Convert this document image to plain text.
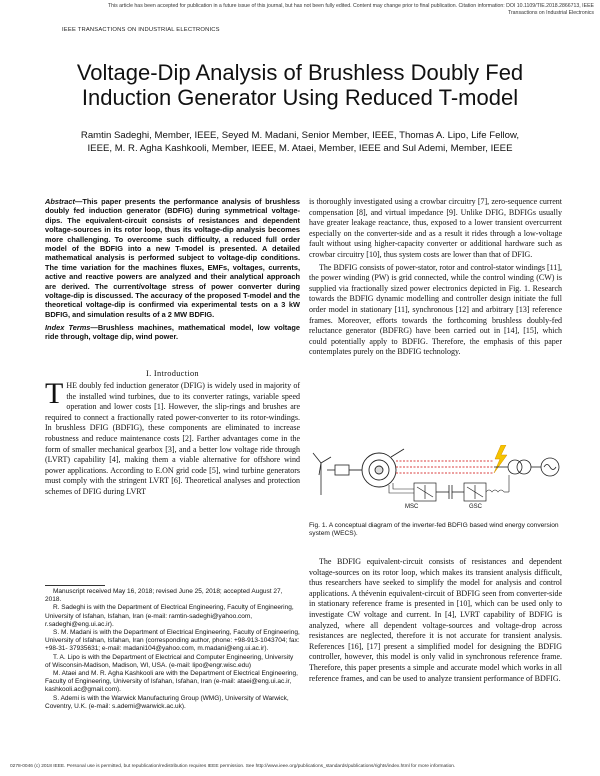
This article has been accepted for publication in a future issue of this journal, but has not been fully edited. Content may change prior to final publication. Citation information: DOI 10.1109/TIE.2018.2866713, IEEE
Transactions on Industrial Electronics
IEEE TRANSACTIONS ON INDUSTRIAL ELECTRONICS
Voltage-Dip Analysis of Brushless Doubly Fed
Induction Generator Using Reduced T-model
Ramtin Sadeghi, Member, IEEE, Seyed M. Madani, Senior Member, IEEE, Thomas A. Lipo, Life Fellow,
IEEE, M. R. Agha Kashkooli, Member, IEEE, M. Ataei, Member, IEEE and Sul Ademi, Member, IEEE
Abstract—This paper presents the performance analysis of brushless doubly fed induction generator (BDFIG) during symmetrical voltage-dips. The equivalent-circuit consists of resistances and dependent voltage-sources in its rotor loop, thus its voltage-dip analysis becomes more challenging. To overcome such difficulty, a reduced full order model of the BDFIG into a new T-model is presented. A detailed mathematical analysis is performed subject to voltage-dip conditions. The time variation for the machines fluxes, EMFs, voltages, currents, active and reactive powers are analyzed and their analytical approach are derived. The current/voltage stress of power converter during voltage-dip is discussed. The accuracy of the proposed T-model and the theoretical voltage-dip is confirmed via experimental tests on a 3 kW BDFIG, and simulation results of a 2 MW BDFIG.
Index Terms—Brushless machines, mathematical model, low voltage ride through, voltage dip, wind power.
I. Introduction
THE doubly fed induction generator (DFIG) is widely used in majority of the installed wind turbines, due to its converter ratings, variable speed operation and lower costs [1]. However, the slip-rings and brushes are required to connect a fractionally rated power-converter to its rotor-windings. In brushless DFIG (BDFIG), these components are eliminated to increase robustness and reduce maintenance costs [2]. Farther advantages come in the form of smaller mechanical gearbox [3], and a better low voltage ride through (LVRT) capability [4], making them a viable alternative for offshore wind power applications. According to E.ON grid code [5], wind turbine generators must comply with the stringent LVRT [6]. Theoretical analyses and protection schemes of DFIG during LVRT

Manuscript received May 16, 2018; revised June 25, 2018; accepted August 27, 2018.

R. Sadeghi is with the Department of Electrical Engineering, Faculty of Engineering, University of Isfahan, Isfahan, Iran (e-mail: ramtin-sadeghi@yahoo.com, r.sadeghi@eng.ui.ac.ir).

S. M. Madani is with the Department of Electrical Engineering, Faculty of Engineering, University of Isfahan, Isfahan, Iran (corresponding author, phone: +98-913-1043704; fax: +98-31- 37935631; e-mail: madani104@yahoo.com, m.madani@eng.ui.ac.ir).

T. A. Lipo is with the Department of Electrical and Computer Engineering, University of Wisconsin-Madison, Madison, WI, USA. (e-mail: lipo@engr.wisc.edu)

M. Ataei and M. R. Agha Kashkooli are with the Department of Electrical Engineering, Faculty of Engineering, University of Isfahan, Isfahan, Iran (e-mail: ataei@eng.ui.ac.ir, kashkooli.ac@gmail.com).

S. Ademi is with the Warwick Manufacturing Group (WMG), University of Warwick, Coventry, U.K. (e-mail: s.ademi@warwick.ac.uk).

is thoroughly investigated using a crowbar circuitry [7], zero-sequence current compensation [8], and virtual impedance [9]. Unlike DFIG, BDFIGs usually have greater leakage reactance, thus, exposed to a lower transient overcurrent especially on the converter-side and as a result it rides through a low-voltage fault without using higher-capacity converter or additional hardware such as crowbar circuitry [10], thus system costs are lower than that of DFIG.

The BDFIG consists of power-stator, rotor and control-stator windings [11], the power winding (PW) is grid connected, while the control winding (CW) is supplied via fractionally sized power electronics depicted in Fig. 1. Research towards the BDFIG dynamic modelling and controller design initiate the full order model in stationary [11], synchronous [12] and arbitrary [13] reference frames. Moreover, efforts towards the forthcoming brushless doubly-fed reluctance generator (BDFRG) have been carried out in [14], [15], which could potentially apply to BDFIG. Therefore, the emphasis of this paper contemplates purely on the BDFIG technology.

MSC	GSC
Fig. 1. A conceptual diagram of the inverter-fed BDFIG based wind energy conversion system (WECS).
The BDFIG equivalent-circuit consists of resistances and dependent voltage-sources on its rotor loop, which makes its transient analysis difficult, thus researchers have seeked to simplify the model for analysis and control applications. A thévenin equivalent-circuit of BDFIG seen from converter-side in stationary reference frame is presented in [10], which can be used only to investigate CW voltage and current. In [4], LVRT capability of BDFIG is analyzed, where all dependent voltage-sources and voltage-drop across resistances are neglected, therefore it is not accurate for transient analysis. References [16], [17] present a simplified model for designing the BDFIG controller, however, this model is only valid in synchronous reference frame. Therefore, this paper presents a simple and accurate model which works in all reference frames, and can be used to analyze transient performance of BDFIG.
0278-0046 (c) 2018 IEEE. Personal use is permitted, but republication/redistribution requires IEEE permission. See http://www.ieee.org/publications_standards/publications/rights/index.html for more information.
